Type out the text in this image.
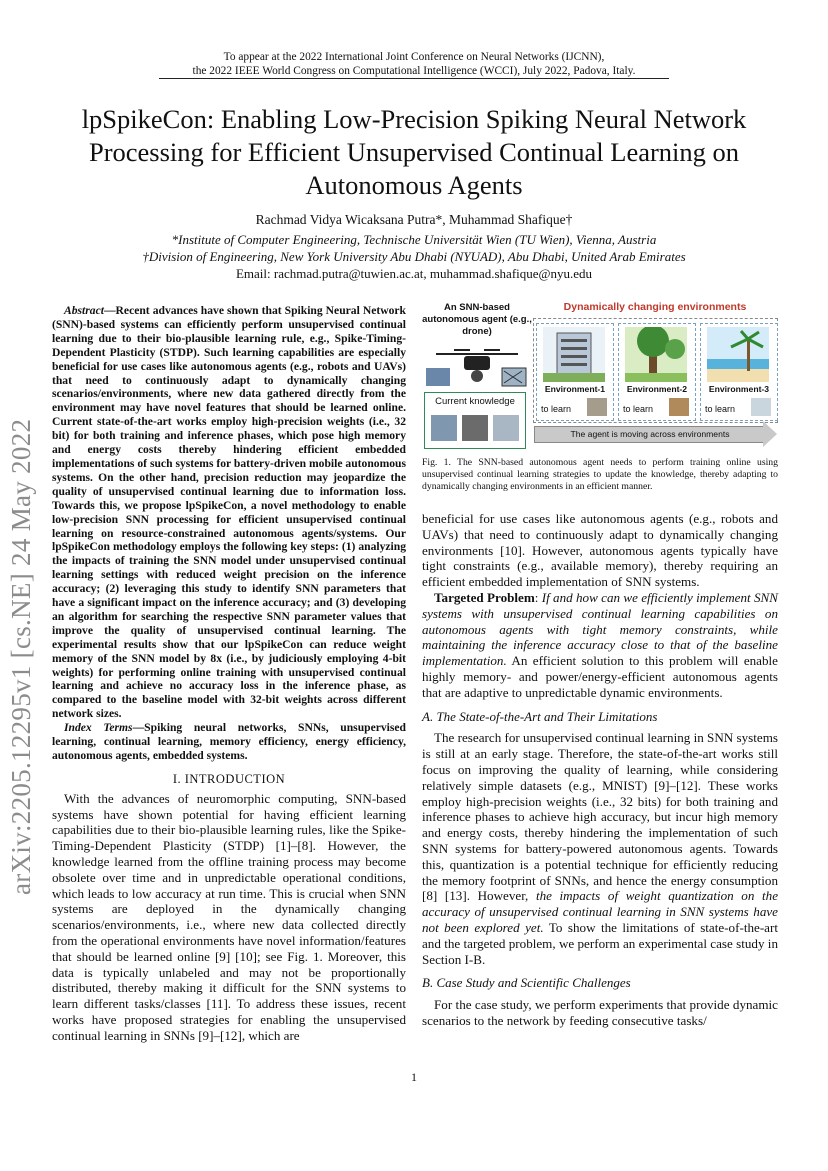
To appear at the 2022 International Joint Conference on Neural Networks (IJCNN),
the 2022 IEEE World Congress on Computational Intelligence (WCCI), July 2022, Padova, Italy.
lpSpikeCon: Enabling Low-Precision Spiking Neural Network Processing for Efficient Unsupervised Continual Learning on Autonomous Agents
Rachmad Vidya Wicaksana Putra*, Muhammad Shafique†
*Institute of Computer Engineering, Technische Universität Wien (TU Wien), Vienna, Austria
†Division of Engineering, New York University Abu Dhabi (NYUAD), Abu Dhabi, United Arab Emirates
Email: rachmad.putra@tuwien.ac.at, muhammad.shafique@nyu.edu
arXiv:2205.12295v1 [cs.NE] 24 May 2022

Abstract—Recent advances have shown that Spiking Neural Network (SNN)-based systems can efficiently perform unsupervised continual learning due to their bio-plausible learning rule, e.g., Spike-Timing-Dependent Plasticity (STDP). Such learning capabilities are especially beneficial for use cases like autonomous agents (e.g., robots and UAVs) that need to continuously adapt to dynamically changing scenarios/environments, where new data gathered directly from the environment may have novel features that should be learned online. Current state-of-the-art works employ high-precision weights (i.e., 32 bit) for both training and inference phases, which pose high memory and energy costs thereby hindering efficient embedded implementations of such systems for battery-driven mobile autonomous systems. On the other hand, precision reduction may jeopardize the quality of unsupervised continual learning due to information loss. Towards this, we propose lpSpikeCon, a novel methodology to enable low-precision SNN processing for efficient unsupervised continual learning on resource-constrained autonomous agents/systems. Our lpSpikeCon methodology employs the following key steps: (1) analyzing the impacts of training the SNN model under unsupervised continual learning settings with reduced weight precision on the inference accuracy; (2) leveraging this study to identify SNN parameters that have a significant impact on the inference accuracy; and (3) developing an algorithm for searching the respective SNN parameter values that improve the quality of unsupervised continual learning. The experimental results show that our lpSpikeCon can reduce weight memory of the SNN model by 8x (i.e., by judiciously employing 4-bit weights) for performing online training with unsupervised continual learning and achieve no accuracy loss in the inference phase, as compared to the baseline model with 32-bit weights across different network sizes.

Index Terms—Spiking neural networks, SNNs, unsupervised learning, continual learning, memory efficiency, energy efficiency, autonomous agents, embedded systems.

I. INTRODUCTION

With the advances of neuromorphic computing, SNN-based systems have shown potential for having efficient learning capabilities due to their bio-plausible learning rules, like the Spike-Timing-Dependent Plasticity (STDP) [1]–[8]. However, the knowledge learned from the offline training process may become obsolete over time and in unpredictable operational conditions, which leads to low accuracy at run time. This is crucial when SNN systems are deployed in the dynamically changing scenarios/environments, i.e., where new data collected directly from the operational environments have novel information/features that should be learned online [9] [10]; see Fig. 1. Moreover, this data is typically unlabeled and may not be proportionally distributed, thereby making it difficult for the SNN systems to learn different tasks/classes [11]. To address these issues, recent works have proposed strategies for enabling the unsupervised continual learning in SNNs [9]–[12], which are

An SNN-based autonomous agent (e.g., drone)
Dynamically changing environments
Current knowledge
Environment-1
to learn
Environment-2
to learn
Environment-3
to learn
The agent is moving across environments
Fig. 1. The SNN-based autonomous agent needs to perform training online using unsupervised continual learning strategies to update the knowledge, thereby adapting to dynamically changing environments in an efficient manner.

beneficial for use cases like autonomous agents (e.g., robots and UAVs) that need to continuously adapt to dynamically changing environments [10]. However, autonomous agents typically have tight constraints (e.g., available memory), thereby requiring an efficient embedded implementation of SNN systems.

Targeted Problem: If and how can we efficiently implement SNN systems with unsupervised continual learning capabilities on autonomous agents with tight memory constraints, while maintaining the inference accuracy close to that of the baseline implementation. An efficient solution to this problem will enable highly memory- and power/energy-efficient autonomous agents that are adaptive to unpredictable dynamic environments.

A. The State-of-the-Art and Their Limitations

The research for unsupervised continual learning in SNN systems is still at an early stage. Therefore, the state-of-the-art works still focus on improving the quality of learning, while considering relatively simple datasets (e.g., MNIST) [9]–[12]. These works employ high-precision weights (i.e., 32 bits) for both training and inference phases to achieve high accuracy, but incur high memory and energy costs, thereby hindering the implementation of such SNN systems for battery-powered autonomous agents. Towards this, quantization is a potential technique for efficiently reducing the memory footprint of SNNs, and hence the energy consumption [8] [13]. However, the impacts of weight quantization on the accuracy of unsupervised continual learning in SNN systems have not been explored yet. To show the limitations of state-of-the-art and the targeted problem, we perform an experimental case study in Section I-B.

B. Case Study and Scientific Challenges

For the case study, we perform experiments that provide dynamic scenarios to the network by feeding consecutive tasks/

1
